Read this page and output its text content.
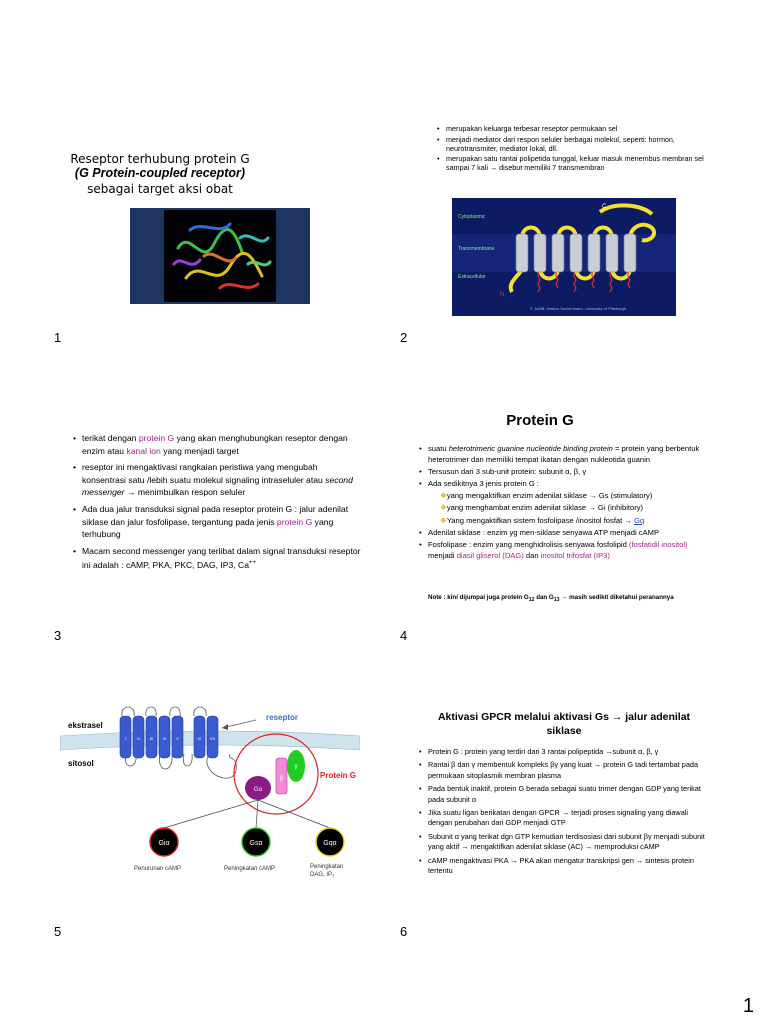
Reseptor terhubung protein G
(G Protein-coupled receptor)
sebagai target aksi obat
1
• merupakan keluarga terbesar reseptor permukaan sel
• menjadi mediator dari respon seluler berbagai molekul, seperti: hormon, neurotransmiter, mediator lokal, dll.
• merupakan satu rantai polipetida tunggal, keluar masuk menembus membran sel sampai 7 kali → disebut memiliki 7 transmembran
Cytoplasmic
Transmembrane
Extracellular
C
N
© JoMB, Kristen Sechermann, University of Pittsburgh
2
• terikat dengan protein G yang akan menghubungkan reseptor dengan enzim atau kanal ion yang menjadi target
• reseptor ini mengaktivasi rangkaian peristiwa yang mengubah konsentrasi satu /lebih suatu molekul signaling intraseluler atau second messenger → menimbulkan respon seluler
• Ada dua jalur transduksi signal pada reseptor protein G : jalur adenilat siklase dan jalur fosfolipase, tergantung pada jenis protein G yang terhubung
• Macam second messenger yang terlibat dalam signal transduksi reseptor ini adalah : cAMP, PKA, PKC, DAG, IP3, Ca++
3
Protein G
• suatu heterotrimeric guanine nucleotide binding protein = protein yang berbentuk heterotrimer dan memiliki tempat ikatan dengan nukleotida guanin
• Tersusun dari 3 sub-unit protein: subunit α, β, γ
• Ada sedikitnya 3 jenis protein G :
❖yang mengaktifkan enzim adenilat siklase → Gs (stimulatory)
❖yang menghambat enzim adenilat siklase → Gi (inhibitory)
❖Yang mengaktifkan sistem fosfolipase /inositol fosfat → Gq
• Adenilat siklase : enzim yg men-siklase senyawa ATP menjadi cAMP
• Fosfolipase : enzim yang menghidrolisis senyawa fosfolipid (fosfatidil inositol) menjadi diasil gliserol (DAG) dan inositol trifosfat (IP3)
Note : kini dijumpai juga protein $G_{12}$ dan $G_{13}$ → masih sedikit diketahui peranannya
4
ekstrasel
sitosol
I	II	III IV V	VI VII
reseptor
Protein G
β
γ
Gα
Giα	Gsα	Gqα
Penurunan cAMP	Peningkatan cAMP	Peningkatan
DAG, IP₃
5
Aktivasi GPCR melalui aktivasi Gs → jalur adenilat siklase
• Protein G : protein yang terdiri dari 3 rantai polipeptida →subunit α, β, γ
• Rantai β dan γ membentuk kompleks βγ yang kuat → protein G tadi tertambat pada permukaan sitoplasmik membran plasma
• Pada bentuk inaktif, protein G berada sebagai suatu trimer dengan GDP yang terikat pada subunit α
• Jika suatu ligan berikatan dengan GPCR → terjadi proses signaling yang diawali dengan perubahan dari GDP menjadi GTP
• Subunit α yang terikat dgn GTP kemudian terdisosiasi dari subunit βγ menjadi subunit yang aktif → mengaktifkan adenilat siklase (AC) → memproduksi cAMP
• cAMP mengaktivasi PKA → PKA akan mengatur transkripsi gen → sintesis protein tertentu
6
1
